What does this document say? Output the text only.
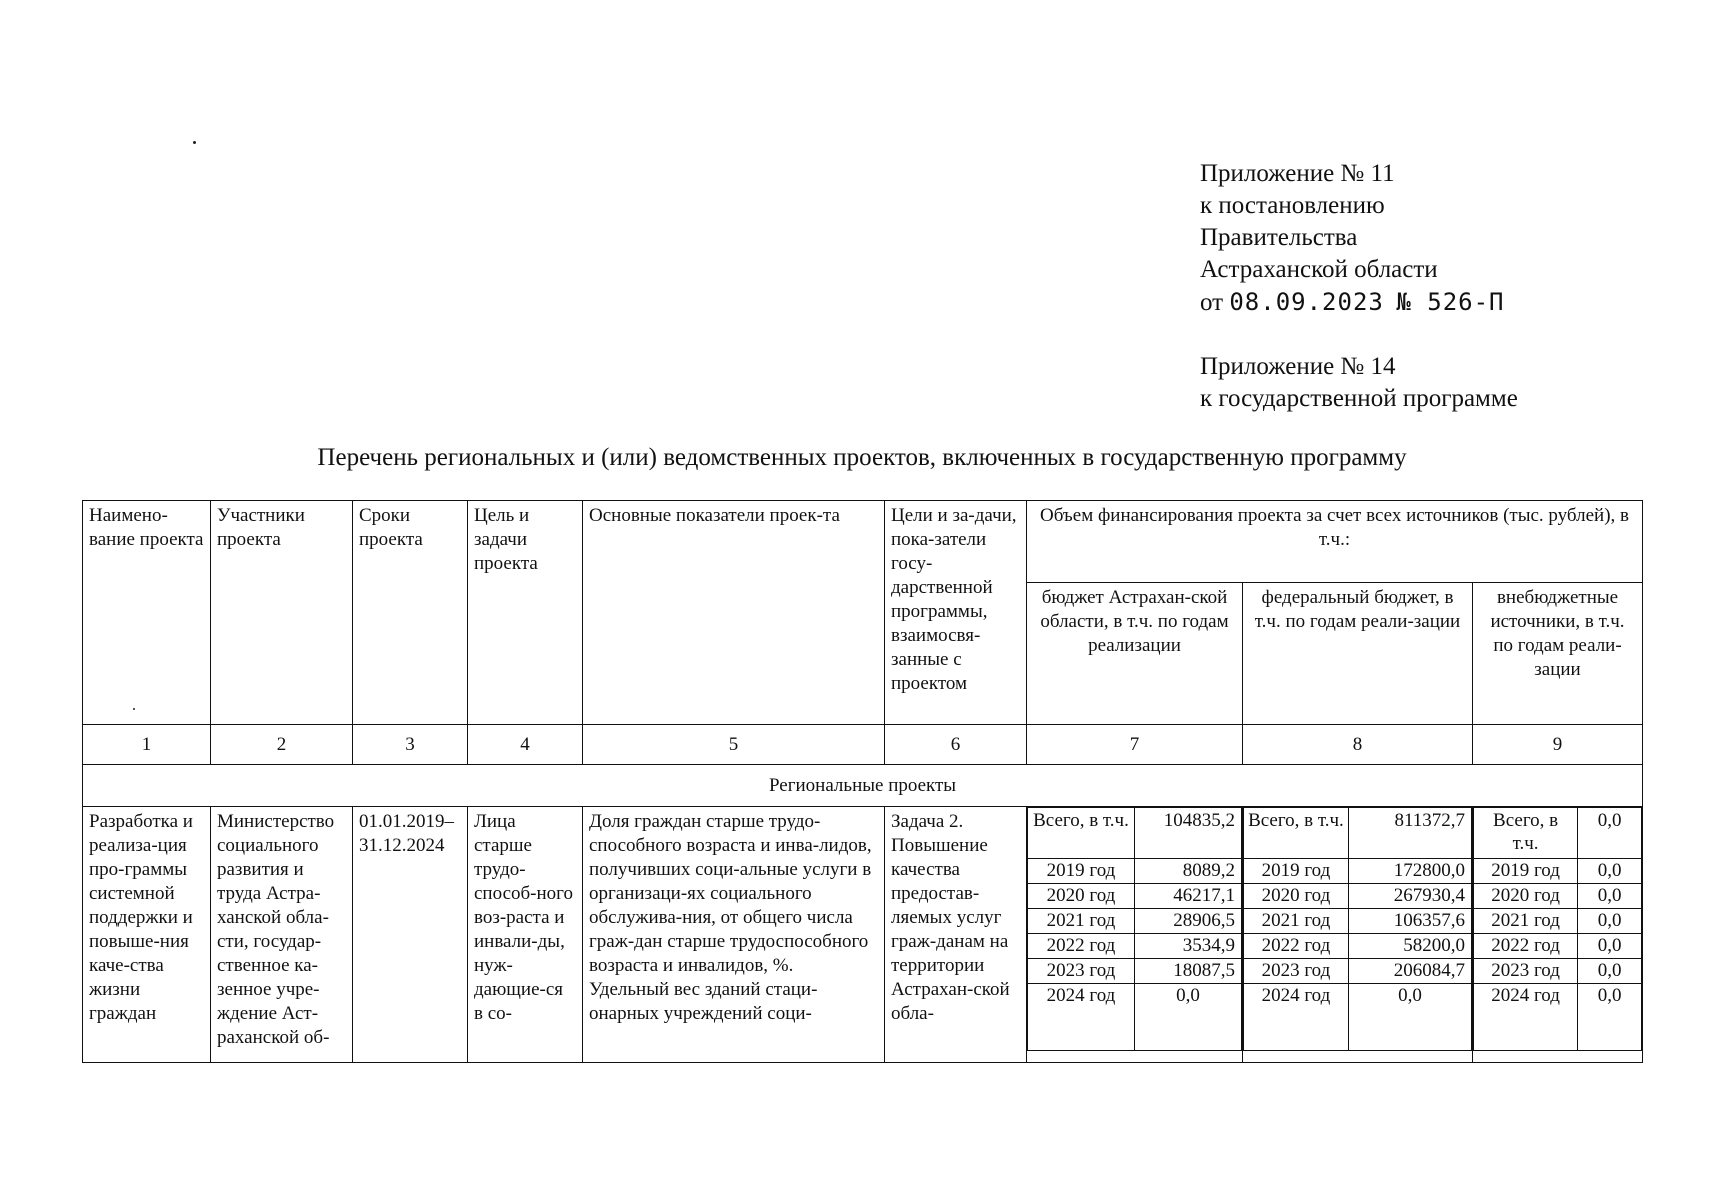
Приложение № 11
к постановлению
Правительства
Астраханской области
от 08.09.2023 № 526-П
Приложение № 14
к государственной программе
Перечень региональных и (или) ведомственных проектов, включенных в государственную программу
Наимено-вание проекта	Участники проекта	Сроки проекта	Цель и задачи проекта	Основные показатели проек-та	Цели и за-дачи, пока-затели госу-дарственной программы, взаимосвя-занные с проектом	Объем финансирования проекта за счет всех источников (тыс. рублей), в т.ч.:
бюджет Астрахан-ской области, в т.ч. по годам реализации	федеральный бюджет, в т.ч. по годам реали-зации	внебюджетные источники, в т.ч. по годам реали-зации
1	2	3	4	5	6	7	8	9
Региональные проекты
Разработка и реализа-ция про-граммы системной поддержки и повыше-ния каче-ства жизни граждан	Министерство социального развития и труда Астра-ханской обла-сти, государ-ственное ка-зенное учре-ждение Аст-раханской об-	01.01.2019–31.12.2024	Лица старше трудо-способ-ного воз-раста и инвали-ды, нуж-дающие-ся в со-	Доля граждан старше трудо-способного возраста и инва-лидов, получивших соци-альные услуги в организаци-ях социального обслужива-ния, от общего числа граж-дан старше трудоспособного возраста и инвалидов, %. Удельный вес зданий стаци-онарных учреждений соци-	Задача 2. Повышение качества предостав-ляемых услуг граж-данам на территории Астрахан-ской обла-	
Всего, в т.ч.	104835,2
2019 год	8089,2
2020 год	46217,1
2021 год	28906,5
2022 год	3534,9
2023 год	18087,5
2024 год	0,0

Всего, в т.ч.	811372,7
2019 год	172800,0
2020 год	267930,4
2021 год	106357,6
2022 год	58200,0
2023 год	206084,7
2024 год	0,0

Всего, в т.ч.	0,0
2019 год	0,0
2020 год	0,0
2021 год	0,0
2022 год	0,0
2023 год	0,0
2024 год	0,0
